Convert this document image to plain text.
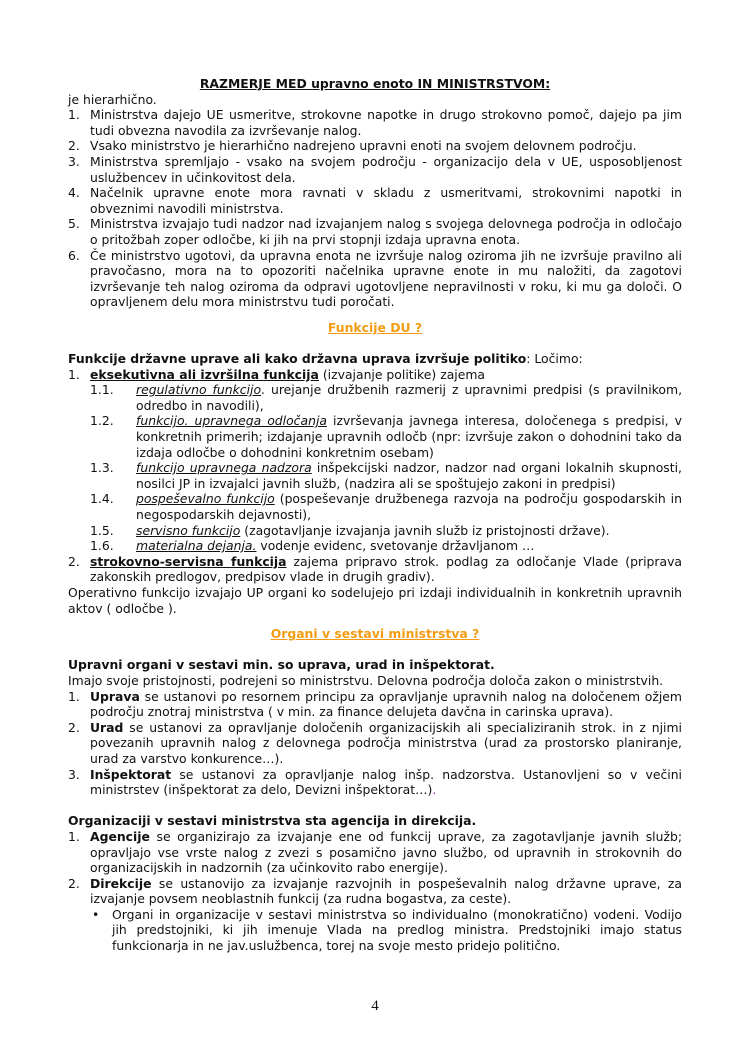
RAZMERJE MED upravno enoto IN MINISTRSTVOM:

je hierarhično.

1. Ministrstva dajejo UE usmeritve, strokovne napotke in drugo strokovno pomoč, dajejo pa jim tudi obvezna navodila za izvrševanje nalog.
2. Vsako ministrstvo je hierarhično nadrejeno upravni enoti na svojem delovnem področju.
3. Ministrstva spremljajo - vsako na svojem področju - organizacijo dela v UE, usposobljenost uslužbencev in učinkovitost dela.
4. Načelnik upravne enote mora ravnati v skladu z usmeritvami, strokovnimi napotki in obveznimi navodili ministrstva.
5. Ministrstva izvajajo tudi nadzor nad izvajanjem nalog s svojega delovnega področja in odločajo o pritožbah zoper odločbe, ki jih na prvi stopnji izdaja upravna enota.
6. Če ministrstvo ugotovi, da upravna enota ne izvršuje nalog oziroma jih ne izvršuje pravilno ali pravočasno, mora na to opozoriti načelnika upravne enote in mu naložiti, da zagotovi izvrševanje teh nalog oziroma da odpravi ugotovljene nepravilnosti v roku, ki mu ga določi. O opravljenem delu mora ministrstvu tudi poročati.
Funkcije DU ?

Funkcije državne uprave ali kako državna uprava izvršuje politiko: Ločimo:

1. eksekutivna ali izvršilna funkcija (izvajanje politike) zajema
1.1. regulativno funkcijo. urejanje družbenih razmerij z upravnimi predpisi (s pravilnikom, odredbo in navodili),
1.2. funkcijo. upravnega odločanja izvrševanja javnega interesa, določenega s predpisi, v konkretnih primerih; izdajanje upravnih odločb (npr: izvršuje zakon o dohodnini tako da izdaja odločbe o dohodnini konkretnim osebam)
1.3. funkcijo upravnega nadzora inšpekcijski nadzor, nadzor nad organi lokalnih skupnosti, nosilci JP in izvajalci javnih služb, (nadzira ali se spoštujejo zakoni in predpisi)
1.4. pospeševalno funkcijo (pospeševanje družbenega razvoja na področju gospodarskih in negospodarskih dejavnosti),
1.5. servisno funkcijo (zagotavljanje izvajanja javnih služb iz pristojnosti države).
1.6. materialna dejanja. vodenje evidenc, svetovanje državljanom …
2. strokovno-servisna funkcija zajema pripravo strok. podlag za odločanje Vlade (priprava zakonskih predlogov, predpisov vlade in drugih gradiv).

Operativno funkcijo izvajajo UP organi ko sodelujejo pri izdaji individualnih in konkretnih upravnih aktov ( odločbe ).

Organi v sestavi ministrstva ?

Upravni organi v sestavi min. so uprava, urad in inšpektorat.

Imajo svoje pristojnosti, podrejeni so ministrstvu. Delovna področja določa zakon o ministrstvih.

1. Uprava se ustanovi po resornem principu za opravljanje upravnih nalog na določenem ožjem področju znotraj ministrstva ( v min. za finance delujeta davčna in carinska uprava).
2. Urad se ustanovi za opravljanje določenih organizacijskih ali specializiranih strok. in z njimi povezanih upravnih nalog z delovnega področja ministrstva (urad za prostorsko planiranje, urad za varstvo konkurence…).
3. Inšpektorat se ustanovi za opravljanje nalog inšp. nadzorstva. Ustanovljeni so v večini ministrstev (inšpektorat za delo, Devizni inšpektorat…).

Organizaciji v sestavi ministrstva sta agencija in direkcija.

1. Agencije se organizirajo za izvajanje ene od funkcij uprave, za zagotavljanje javnih služb; opravljajo vse vrste nalog z zvezi s posamično javno službo, od upravnih in strokovnih do organizacijskih in nadzornih (za učinkovito rabo energije).
2. Direkcije se ustanovijo za izvajanje razvojnih in pospeševalnih nalog državne uprave, za izvajanje povsem neoblastnih funkcij (za rudna bogastva, za ceste).
• Organi in organizacije v sestavi ministrstva so individualno (monokratično) vodeni. Vodijo jih predstojniki, ki jih imenuje Vlada na predlog ministra. Predstojniki imajo status funkcionarja in ne jav.uslužbenca, torej na svoje mesto pridejo politično.
4
